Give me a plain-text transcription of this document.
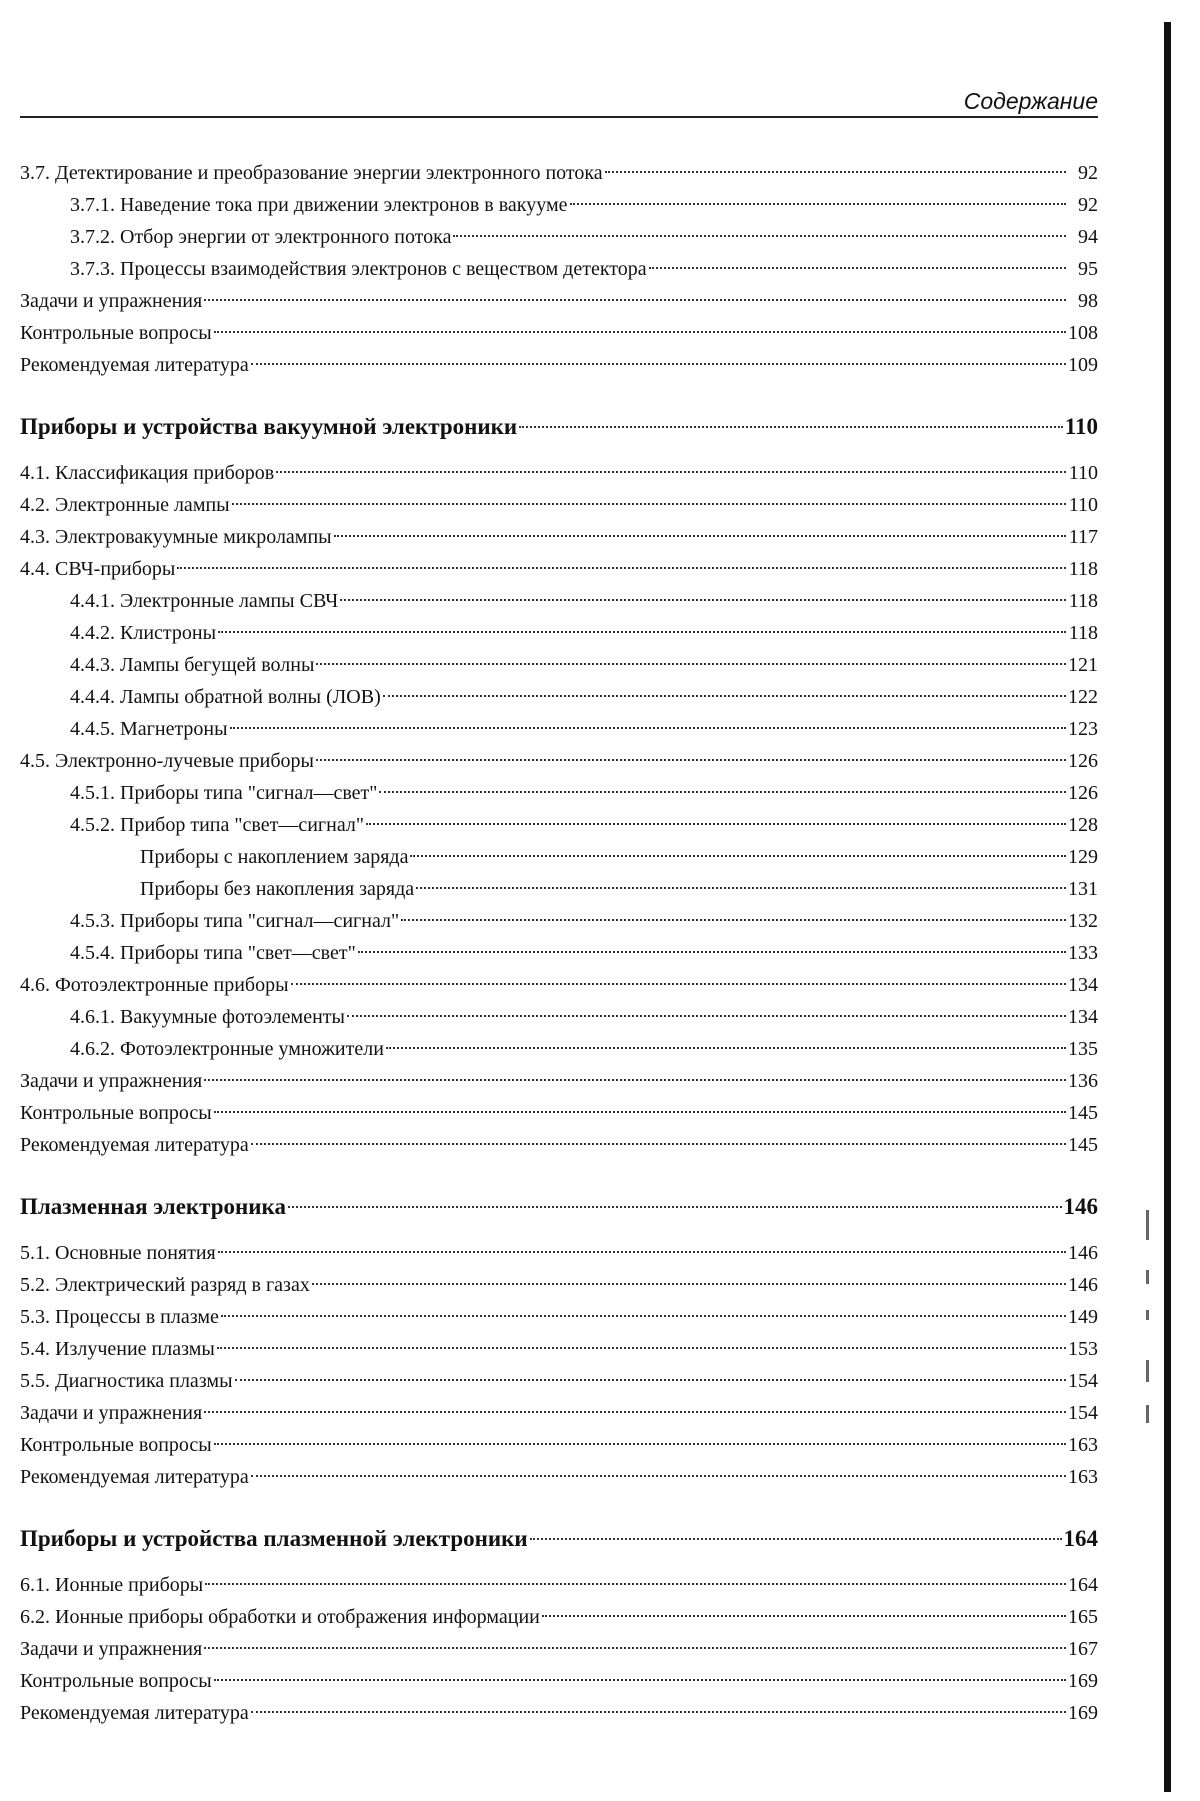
Содержание
3.7. Детектирование и преобразование энергии электронного потока	92
3.7.1. Наведение тока при движении электронов в вакууме	92
3.7.2. Отбор энергии от электронного потока	94
3.7.3. Процессы взаимодействия электронов с веществом детектора	95
Задачи и упражнения	98
Контрольные вопросы	108
Рекомендуемая литература	109
Приборы и устройства вакуумной электроники	110
4.1. Классификация приборов	110
4.2. Электронные лампы	110
4.3. Электровакуумные микролампы	117
4.4. СВЧ-приборы	118
4.4.1. Электронные лампы СВЧ	118
4.4.2. Клистроны	118
4.4.3. Лампы бегущей волны	121
4.4.4. Лампы обратной волны (ЛОВ)	122
4.4.5. Магнетроны	123
4.5. Электронно-лучевые приборы	126
4.5.1. Приборы типа "сигнал—свет"	126
4.5.2. Прибор типа "свет—сигнал"	128
Приборы с накоплением заряда	129
Приборы без накопления заряда	131
4.5.3. Приборы типа "сигнал—сигнал"	132
4.5.4. Приборы типа "свет—свет"	133
4.6. Фотоэлектронные приборы	134
4.6.1. Вакуумные фотоэлементы	134
4.6.2. Фотоэлектронные умножители	135
Задачи и упражнения	136
Контрольные вопросы	145
Рекомендуемая литература	145
Плазменная электроника	146
5.1. Основные понятия	146
5.2. Электрический разряд в газах	146
5.3. Процессы в плазме	149
5.4. Излучение плазмы	153
5.5. Диагностика плазмы	154
Задачи и упражнения	154
Контрольные вопросы	163
Рекомендуемая литература	163
Приборы и устройства плазменной электроники	164
6.1. Ионные приборы	164
6.2. Ионные приборы обработки и отображения информации	165
Задачи и упражнения	167
Контрольные вопросы	169
Рекомендуемая литература	169
